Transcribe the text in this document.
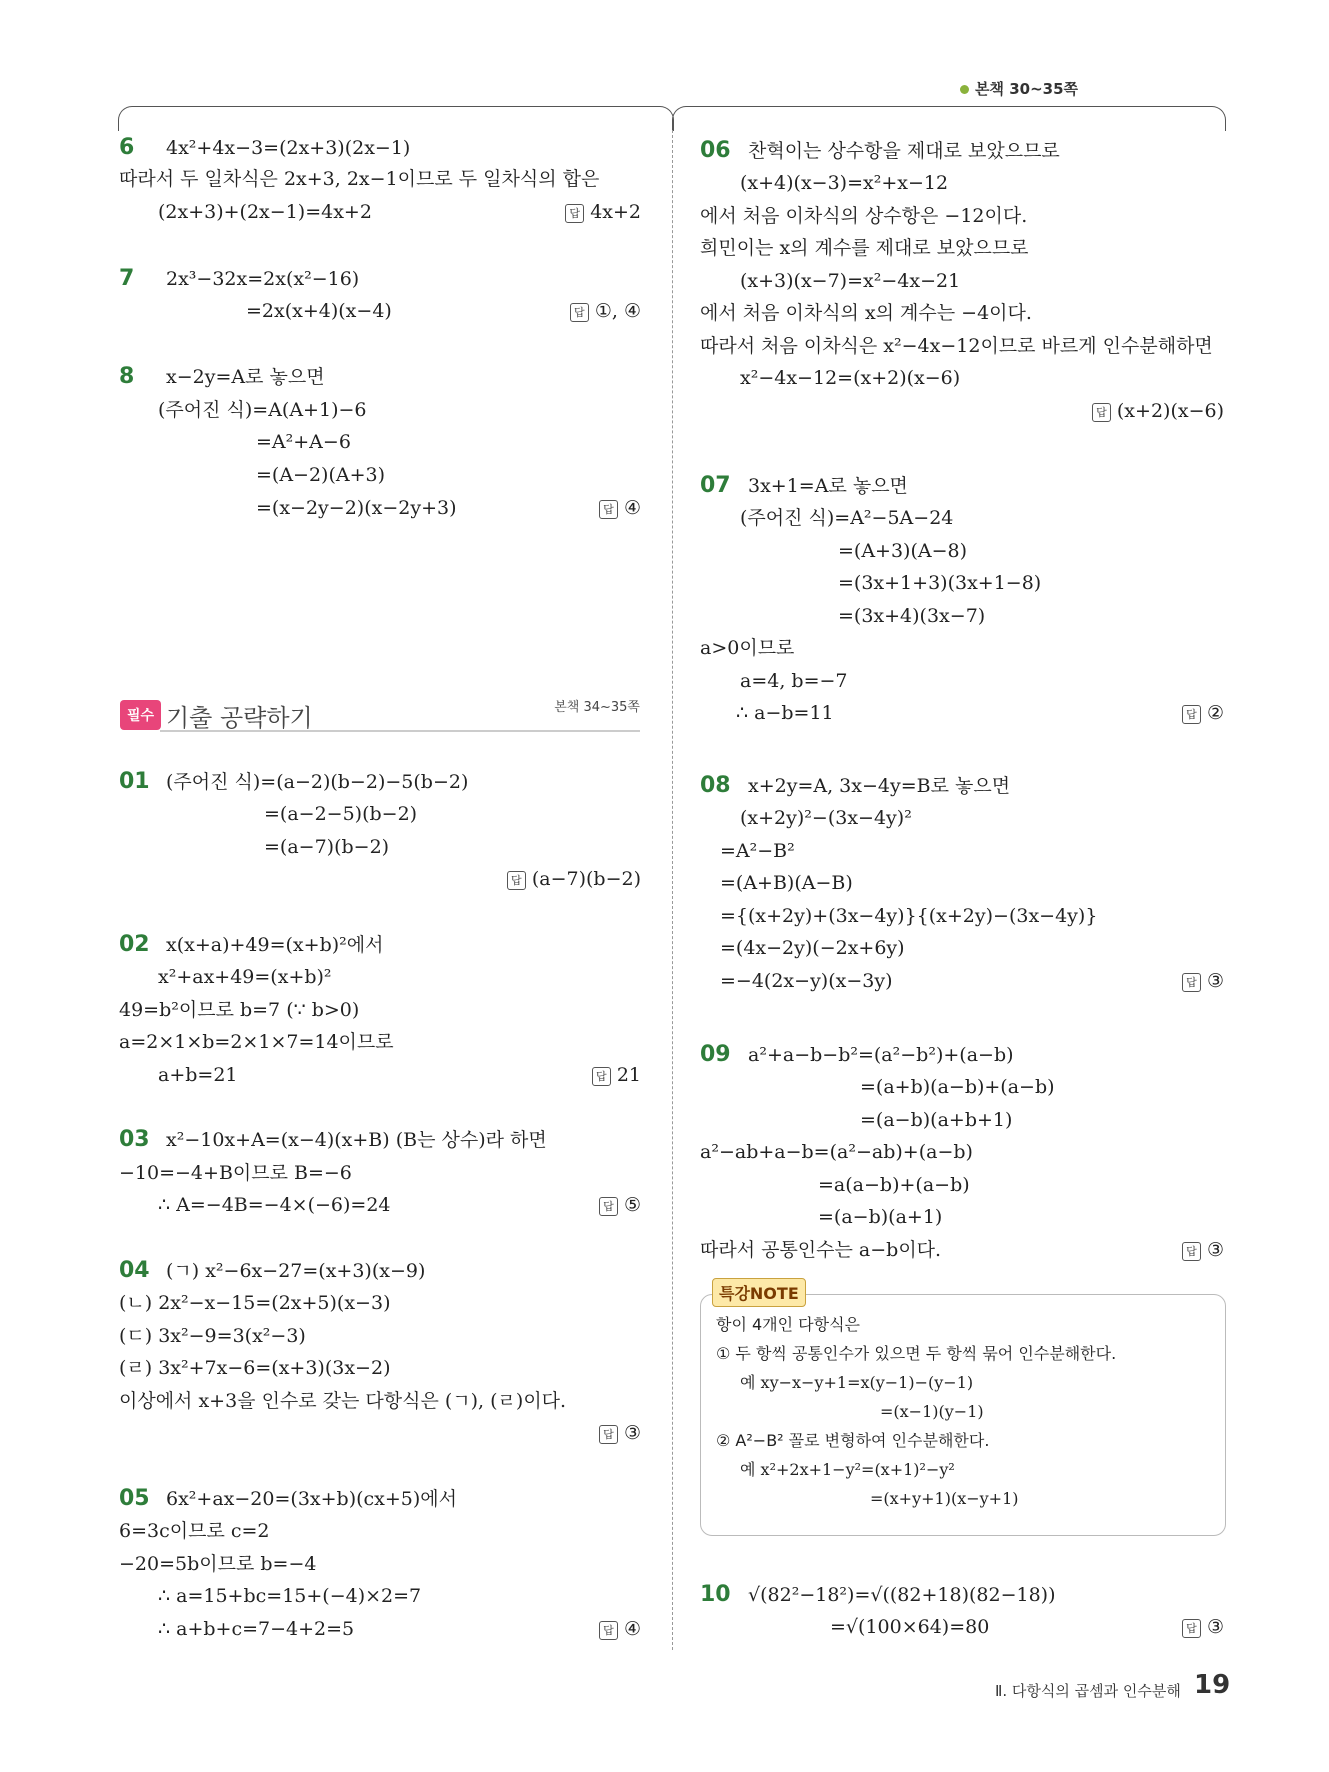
본책 30~35쪽
6 4x²+4x−3=(2x+3)(2x−1)
따라서 두 일차식은 2x+3, 2x−1이므로 두 일차식의 합은
(2x+3)+(2x−1)=4x+2	답 4x+2
7 2x³−32x=2x(x²−16)
=2x(x+4)(x−4)	답 ①, ④
8 x−2y=A로 놓으면
(주어진 식)=A(A+1)−6
=A²+A−6
=(A−2)(A+3)
=(x−2y−2)(x−2y+3)	답 ④
필수 기출 공략하기	본책 34~35쪽
01 (주어진 식)=(a−2)(b−2)−5(b−2)
=(a−2−5)(b−2)
=(a−7)(b−2)
답 (a−7)(b−2)
02 x(x+a)+49=(x+b)²에서
x²+ax+49=(x+b)²
49=b²이므로 b=7 (∵ b>0)
a=2×1×b=2×1×7=14이므로
a+b=21	답 21
03 x²−10x+A=(x−4)(x+B) (B는 상수)라 하면
−10=−4+B이므로 B=−6
∴ A=−4B=−4×(−6)=24	답 ⑤
04 (ㄱ) x²−6x−27=(x+3)(x−9)
(ㄴ) 2x²−x−15=(2x+5)(x−3)
(ㄷ) 3x²−9=3(x²−3)
(ㄹ) 3x²+7x−6=(x+3)(3x−2)
이상에서 x+3을 인수로 갖는 다항식은 (ㄱ), (ㄹ)이다.
답 ③
05 6x²+ax−20=(3x+b)(cx+5)에서
6=3c이므로 c=2
−20=5b이므로 b=−4
∴ a=15+bc=15+(−4)×2=7
∴ a+b+c=7−4+2=5	답 ④
06 찬혁이는 상수항을 제대로 보았으므로
(x+4)(x−3)=x²+x−12
에서 처음 이차식의 상수항은 −12이다.
희민이는 x의 계수를 제대로 보았으므로
(x+3)(x−7)=x²−4x−21
에서 처음 이차식의 x의 계수는 −4이다.
따라서 처음 이차식은 x²−4x−12이므로 바르게 인수분해하면
x²−4x−12=(x+2)(x−6)
답 (x+2)(x−6)
07 3x+1=A로 놓으면
(주어진 식)=A²−5A−24
=(A+3)(A−8)
=(3x+1+3)(3x+1−8)
=(3x+4)(3x−7)
a>0이므로
a=4, b=−7
∴ a−b=11	답 ②
08 x+2y=A, 3x−4y=B로 놓으면
(x+2y)²−(3x−4y)²
=A²−B²
=(A+B)(A−B)
={(x+2y)+(3x−4y)}{(x+2y)−(3x−4y)}
=(4x−2y)(−2x+6y)
=−4(2x−y)(x−3y)	답 ③
09 a²+a−b−b²=(a²−b²)+(a−b)
=(a+b)(a−b)+(a−b)
=(a−b)(a+b+1)
a²−ab+a−b=(a²−ab)+(a−b)
=a(a−b)+(a−b)
=(a−b)(a+1)
따라서 공통인수는 a−b이다.	답 ③
특강NOTE
항이 4개인 다항식은
① 두 항씩 공통인수가 있으면 두 항씩 묶어 인수분해한다.
예 xy−x−y+1=x(y−1)−(y−1)
=(x−1)(y−1)
② A²−B² 꼴로 변형하여 인수분해한다.
예 x²+2x+1−y²=(x+1)²−y²
=(x+y+1)(x−y+1)
10 √(82²−18²)=√((82+18)(82−18))
=√(100×64)=80	답 ③
Ⅱ. 다항식의 곱셈과 인수분해 19
